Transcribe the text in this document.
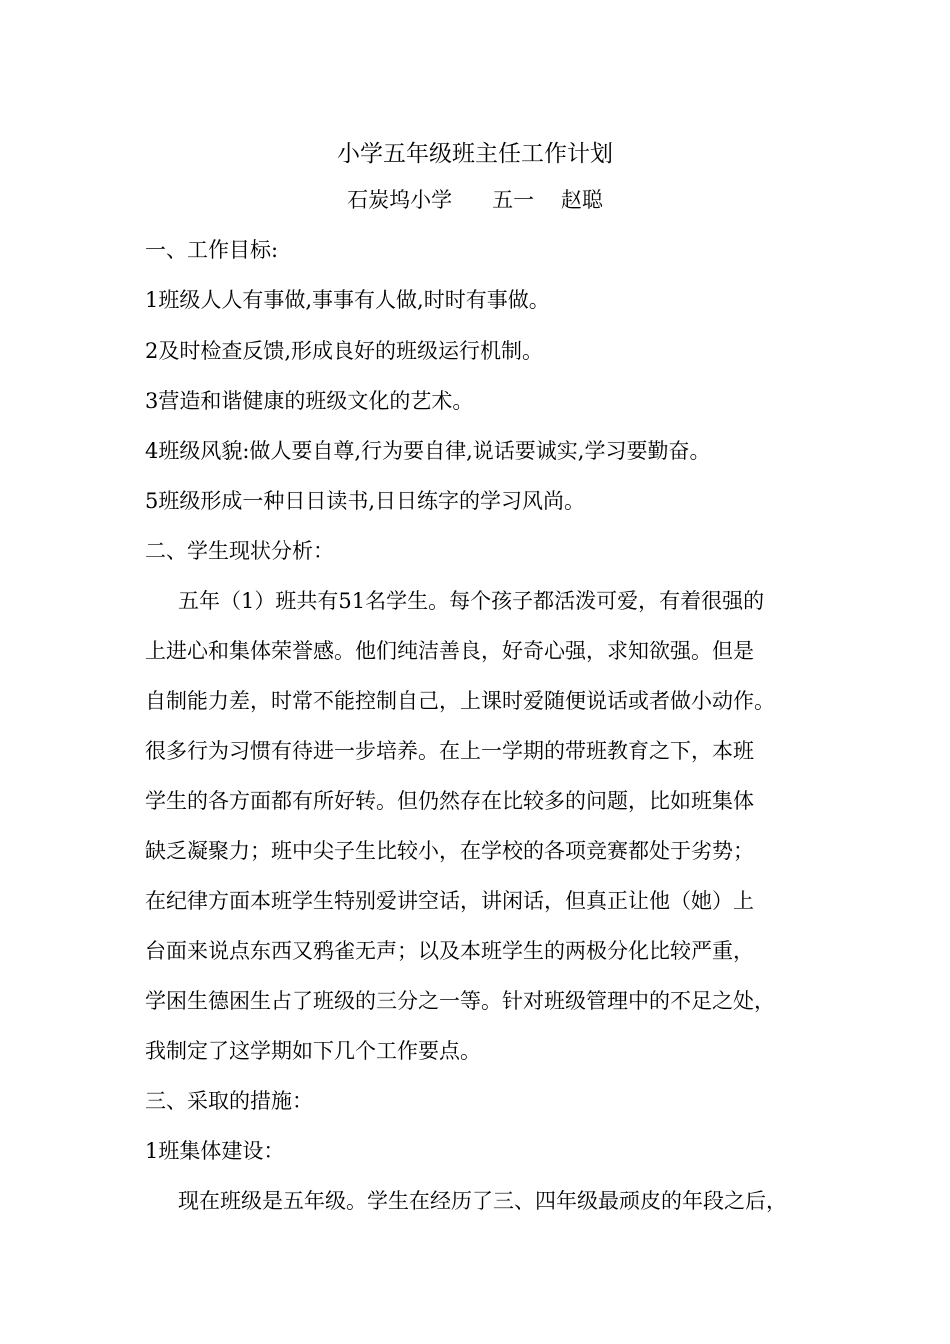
小学五年级班主任工作计划
石炭坞小学      五一    赵聪
一、工作目标:
1班级人人有事做,事事有人做,时时有事做。
2及时检查反馈,形成良好的班级运行机制。
3营造和谐健康的班级文化的艺术。
4班级风貌:做人要自尊,行为要自律,说话要诚实,学习要勤奋。
5班级形成一种日日读书,日日练字的学习风尚。
二、学生现状分析：
五年（1）班共有51名学生。每个孩子都活泼可爱，有着很强的
上进心和集体荣誉感。他们纯洁善良，好奇心强，求知欲强。但是
自制能力差，时常不能控制自己，上课时爱随便说话或者做小动作。
很多行为习惯有待进一步培养。在上一学期的带班教育之下，本班
学生的各方面都有所好转。但仍然存在比较多的问题，比如班集体
缺乏凝聚力；班中尖子生比较小，在学校的各项竞赛都处于劣势；
在纪律方面本班学生特别爱讲空话，讲闲话，但真正让他（她）上
台面来说点东西又鸦雀无声；以及本班学生的两极分化比较严重，
学困生德困生占了班级的三分之一等。针对班级管理中的不足之处，
我制定了这学期如下几个工作要点。
三、采取的措施：
1班集体建设：
现在班级是五年级。学生在经历了三、四年级最顽皮的年段之后，
